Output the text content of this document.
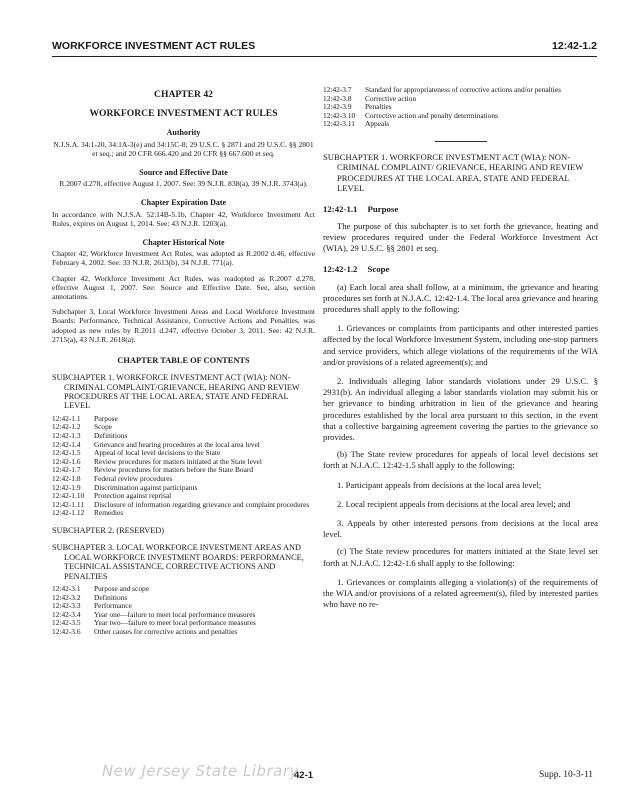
WORKFORCE INVESTMENT ACT RULES	12:42-1.2
CHAPTER 42
WORKFORCE INVESTMENT ACT RULES
Authority
N.J.S.A. 34:1-20, 34:1A-3(e) and 34:15C-8; 29 U.S.C. § 2871 and 29 U.S.C. §§ 2801 et seq.; and 20 CFR 666.420 and 20 CFR §§ 667.600 et seq.
Source and Effective Date
R.2007 d.278, effective August 1, 2007. See: 39 N.J.R. 838(a), 39 N.J.R. 3743(a).
Chapter Expiration Date
In accordance with N.J.S.A. 52:14B-5.1b, Chapter 42, Workforce Investment Act Rules, expires on August 1, 2014. See: 43 N.J.R. 1203(a).
Chapter Historical Note
Chapter 42, Workforce Investment Act Rules, was adopted as R.2002 d.46, effective February 4, 2002. See: 33 N.J.R. 2613(b), 34 N.J.R. 771(a).
Chapter 42, Workforce Investment Act Rules, was readopted as R.2007 d.278, effective August 1, 2007. See: Source and Effective Date. See, also, section annotations.
Subchapter 3, Local Workforce Investment Areas and Local Workforce Investment Boards: Performance, Technical Assistance, Corrective Actions and Penalties, was adopted as new rules by R.2011 d.247, effective October 3, 2011. See: 42 N.J.R. 2715(a), 43 N.J.R. 2618(a).
CHAPTER TABLE OF CONTENTS
SUBCHAPTER 1. WORKFORCE INVESTMENT ACT (WIA): NON-CRIMINAL COMPLAINT/GRIEVANCE, HEARING AND REVIEW PROCEDURES AT THE LOCAL AREA, STATE AND FEDERAL LEVEL
12:42-1.1	Purpose
12:42-1.2	Scope
12:42-1.3	Definitions
12:42-1.4	Grievance and hearing procedures at the local area level
12:42-1.5	Appeal of local level decisions to the State
12:42-1.6	Review procedures for matters initiated at the State level
12:42-1.7	Review procedures for matters before the State Board
12:42-1.8	Federal review procedures
12:42-1.9	Discrimination against participants
12:42-1.10	Protection against reprisal
12:42-1.11	Disclosure of information regarding grievance and complaint procedures
12:42-1.12	Remedies
SUBCHAPTER 2. (RESERVED)
SUBCHAPTER 3. LOCAL WORKFORCE INVESTMENT AREAS AND LOCAL WORKFORCE INVESTMENT BOARDS: PERFORMANCE, TECHNICAL ASSISTANCE, CORRECTIVE ACTIONS AND PENALTIES
12:42-3.1	Purpose and scope
12:42-3.2	Definitions
12:42-3.3	Performance
12:42-3.4	Year one—failure to meet local performance measures
12:42-3.5	Year two—failure to meet local performance measures
12:42-3.6	Other causes for corrective actions and penalties
12:42-3.7	Standard for appropriateness of corrective actions and/or penalties
12:42-3.8	Corrective action
12:42-3.9	Penalties
12:42-3.10	Corrective action and penalty determinations
12:42-3.11	Appeals
SUBCHAPTER 1. WORKFORCE INVESTMENT ACT (WIA): NON-CRIMINAL COMPLAINT/ GRIEVANCE, HEARING AND REVIEW PROCEDURES AT THE LOCAL AREA, STATE AND FEDERAL LEVEL
12:42-1.1 Purpose
The purpose of this subchapter is to set forth the grievance, hearing and review procedures required under the Federal Workforce Investment Act (WIA), 29 U.S.C. §§ 2801 et seq.
12:42-1.2 Scope
(a) Each local area shall follow, at a minimum, the grievance and hearing procedures set forth at N.J.A.C. 12:42-1.4. The local area grievance and hearing procedures shall apply to the following:
1. Grievances or complaints from participants and other interested parties affected by the local Workforce Investment System, including one-stop partners and service providers, which allege violations of the requirements of the WIA and/or provisions of a related agreement(s); and
2. Individuals alleging labor standards violations under 29 U.S.C. § 2931(b). An individual alleging a labor standards violation may submit his or her grievance to binding arbitration in lieu of the grievance and hearing procedures established by the local area pursuant to this section, in the event that a collective bargaining agreement covering the parties to the grievance so provides.
(b) The State review procedures for appeals of local level decisions set forth at N.J.A.C. 12:42-1.5 shall apply to the following:
1. Participant appeals from decisions at the local area level;
2. Local recipient appeals from decisions at the local area level; and
3. Appeals by other interested persons from decisions at the local area level.
(c) The State review procedures for matters initiated at the State level set forth at N.J.A.C. 12:42-1.6 shall apply to the following:
1. Grievances or complaints alleging a violation(s) of the requirements of the WIA and/or provisions of a related agreement(s), filed by interested parties who have no re-
New Jersey State Library
42-1	Supp. 10-3-11
